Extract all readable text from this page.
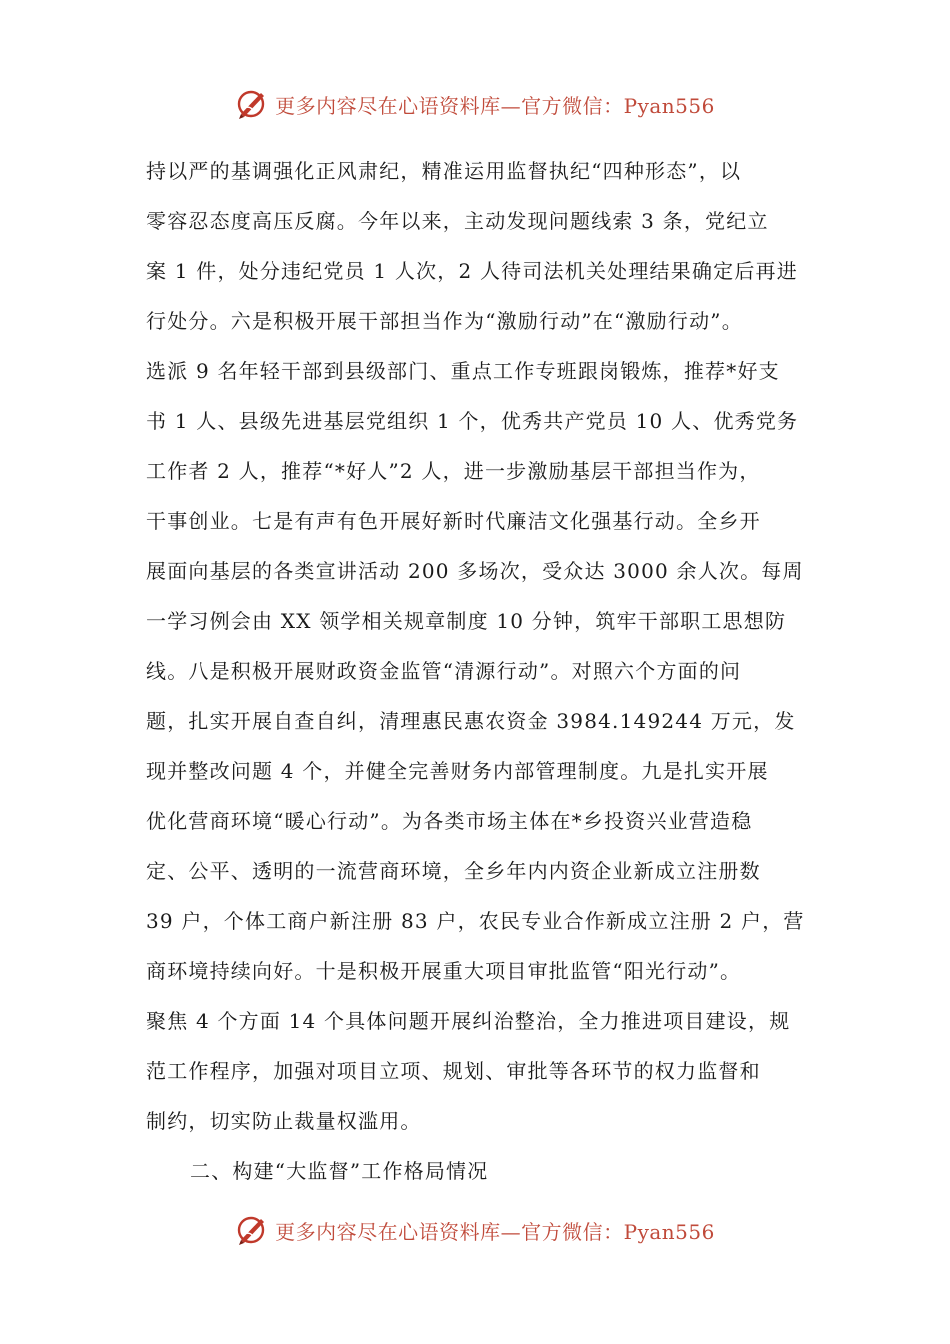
更多内容尽在心语资料库—官方微信：Pyan556
持以严的基调强化正风肃纪，精准运用监督执纪“四种形态”，以
零容忍态度高压反腐。今年以来，主动发现问题线索 3 条，党纪立
案 1 件，处分违纪党员 1 人次，2 人待司法机关处理结果确定后再进
行处分。六是积极开展干部担当作为“激励行动”在“激励行动”。
选派 9 名年轻干部到县级部门、重点工作专班跟岗锻炼，推荐*好支
书 1 人、县级先进基层党组织 1 个，优秀共产党员 10 人、优秀党务
工作者 2 人，推荐“*好人”2 人，进一步激励基层干部担当作为，
干事创业。七是有声有色开展好新时代廉洁文化强基行动。全乡开
展面向基层的各类宣讲活动 200 多场次，受众达 3000 余人次。每周
一学习例会由 XX 领学相关规章制度 10 分钟，筑牢干部职工思想防
线。八是积极开展财政资金监管“清源行动”。对照六个方面的问
题，扎实开展自查自纠，清理惠民惠农资金 3984.149244 万元，发
现并整改问题 4 个，并健全完善财务内部管理制度。九是扎实开展
优化营商环境“暖心行动”。为各类市场主体在*乡投资兴业营造稳
定、公平、透明的一流营商环境，全乡年内内资企业新成立注册数
39 户，个体工商户新注册 83 户，农民专业合作新成立注册 2 户，营
商环境持续向好。十是积极开展重大项目审批监管“阳光行动”。
聚焦 4 个方面 14 个具体问题开展纠治整治，全力推进项目建设，规
范工作程序，加强对项目立项、规划、审批等各环节的权力监督和
制约，切实防止裁量权滥用。
二、构建“大监督”工作格局情况
更多内容尽在心语资料库—官方微信：Pyan556
